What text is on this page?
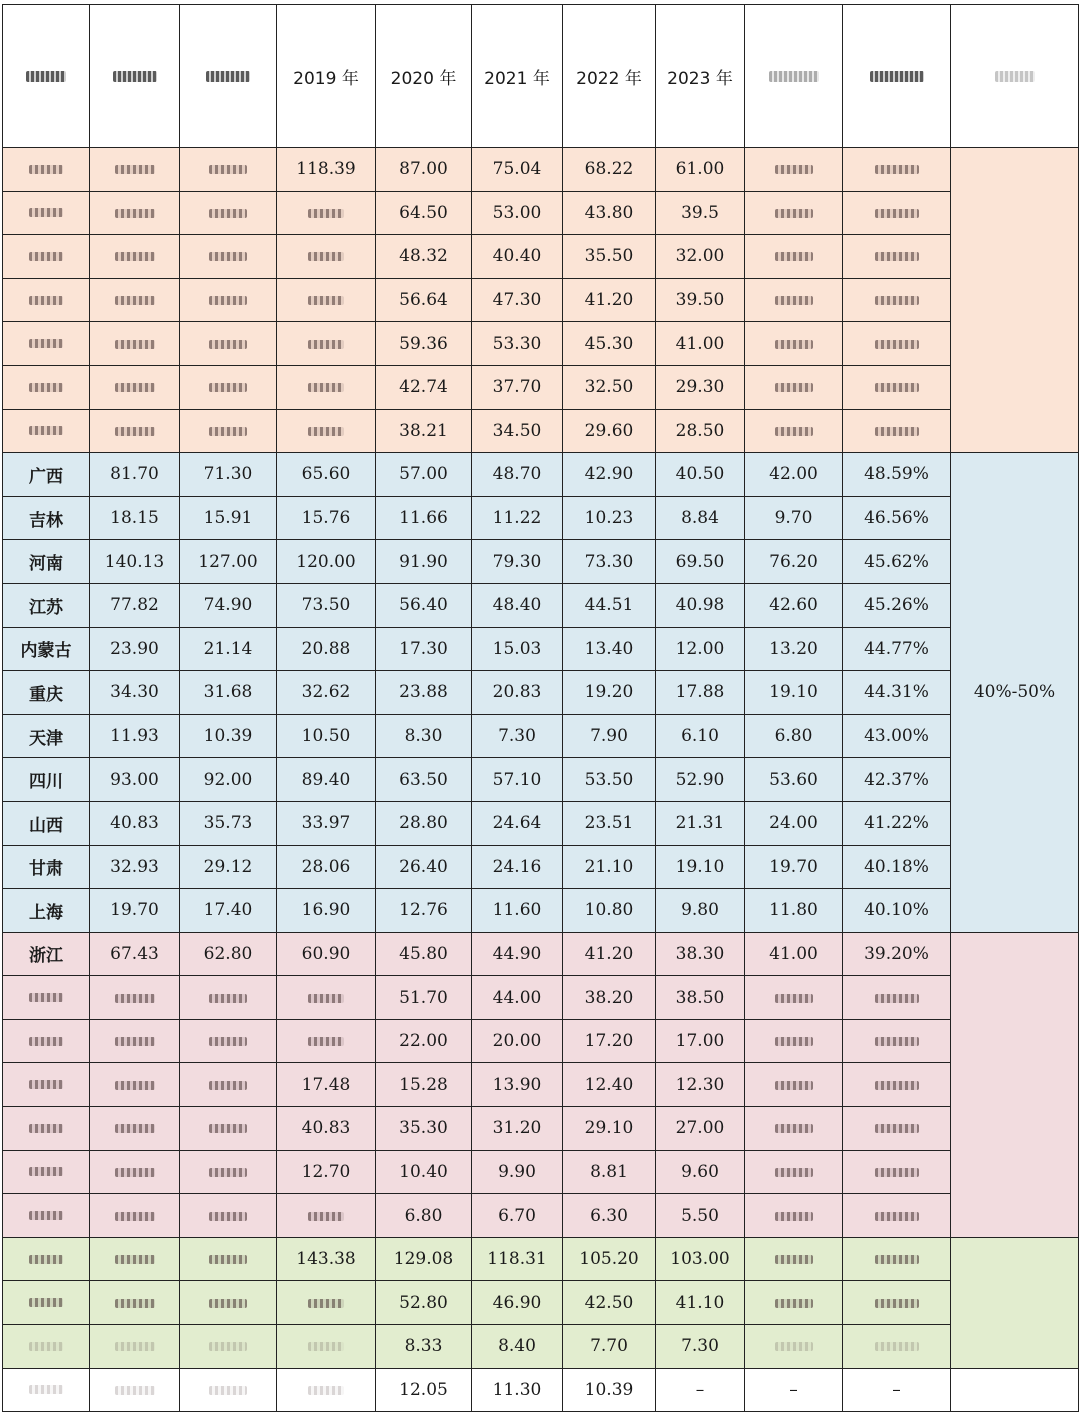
			2019 年	2020 年	2021 年	2022 年	2023 年			
			118.39	87.00	75.04	68.22	61.00			
				64.50	53.00	43.80	39.5			
				48.32	40.40	35.50	32.00			
				56.64	47.30	41.20	39.50			
				59.36	53.30	45.30	41.00			
				42.74	37.70	32.50	29.30			
				38.21	34.50	29.60	28.50			
广西	81.70	71.30	65.60	57.00	48.70	42.90	40.50	42.00	48.59%	40%-50%
吉林	18.15	15.91	15.76	11.66	11.22	10.23	8.84	9.70	46.56%	
河南	140.13	127.00	120.00	91.90	79.30	73.30	69.50	76.20	45.62%	
江苏	77.82	74.90	73.50	56.40	48.40	44.51	40.98	42.60	45.26%	
内蒙古	23.90	21.14	20.88	17.30	15.03	13.40	12.00	13.20	44.77%	
重庆	34.30	31.68	32.62	23.88	20.83	19.20	17.88	19.10	44.31%	
天津	11.93	10.39	10.50	8.30	7.30	7.90	6.10	6.80	43.00%	
四川	93.00	92.00	89.40	63.50	57.10	53.50	52.90	53.60	42.37%	
山西	40.83	35.73	33.97	28.80	24.64	23.51	21.31	24.00	41.22%	
甘肃	32.93	29.12	28.06	26.40	24.16	21.10	19.10	19.70	40.18%	
上海	19.70	17.40	16.90	12.76	11.60	10.80	9.80	11.80	40.10%	
浙江	67.43	62.80	60.90	45.80	44.90	41.20	38.30	41.00	39.20%	
				51.70	44.00	38.20	38.50			
				22.00	20.00	17.20	17.00			
			17.48	15.28	13.90	12.40	12.30			
			40.83	35.30	31.20	29.10	27.00			
			12.70	10.40	9.90	8.81	9.60			
				6.80	6.70	6.30	5.50			
			143.38	129.08	118.31	105.20	103.00			
				52.80	46.90	42.50	41.10			
				8.33	8.40	7.70	7.30			
				12.05	11.30	10.39	–	–	–	
